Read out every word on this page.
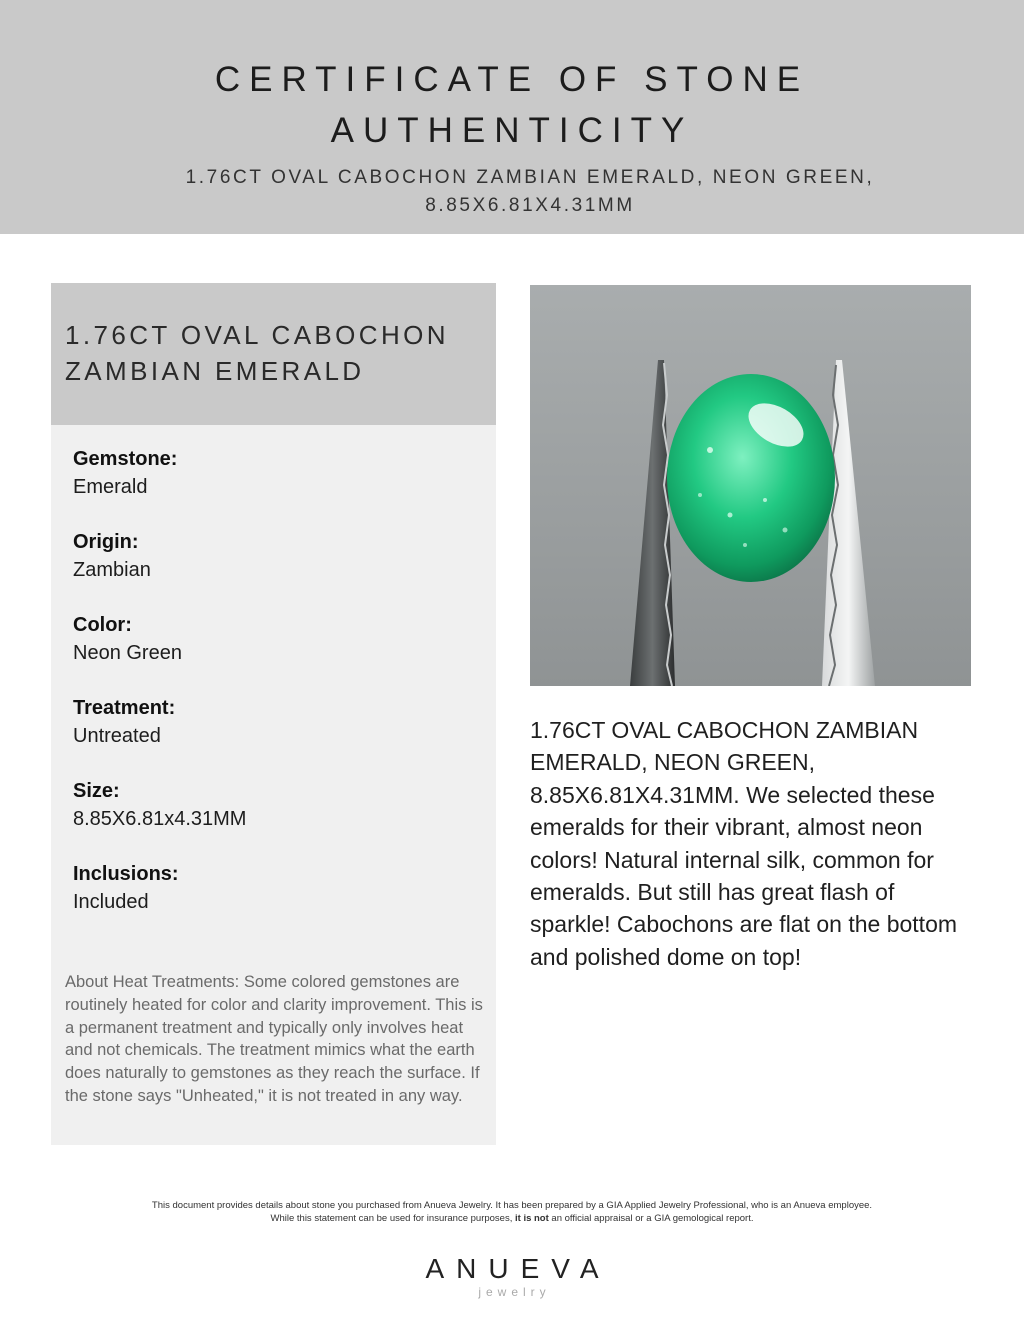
CERTIFICATE OF STONE
AUTHENTICITY
1.76CT OVAL CABOCHON ZAMBIAN EMERALD, NEON GREEN, 8.85X6.81X4.31MM
1.76CT OVAL CABOCHON
ZAMBIAN EMERALD
Gemstone:
Emerald
Origin:
Zambian
Color:
Neon Green
Treatment:
Untreated
Size:
8.85X6.81x4.31MM
Inclusions:
Included
About Heat Treatments: Some colored gemstones are routinely heated for color and clarity improvement. This is a permanent treatment and typically only involves heat and not chemicals. The treatment mimics what the earth does naturally to gemstones as they reach the surface. If the stone says "Unheated," it is not treated in any way.
1.76CT OVAL CABOCHON ZAMBIAN EMERALD, NEON GREEN, 8.85X6.81X4.31MM. We selected these emeralds for their vibrant, almost neon colors! Natural internal silk, common for emeralds. But still has great flash of sparkle! Cabochons are flat on the bottom and polished dome on top!
This document provides details about stone you purchased from Anueva Jewelry. It has been prepared by a GIA Applied Jewelry Professional, who is an Anueva employee.
While this statement can be used for insurance purposes, it is not an official appraisal or a GIA gemological report.
ANUEVA
jewelry
